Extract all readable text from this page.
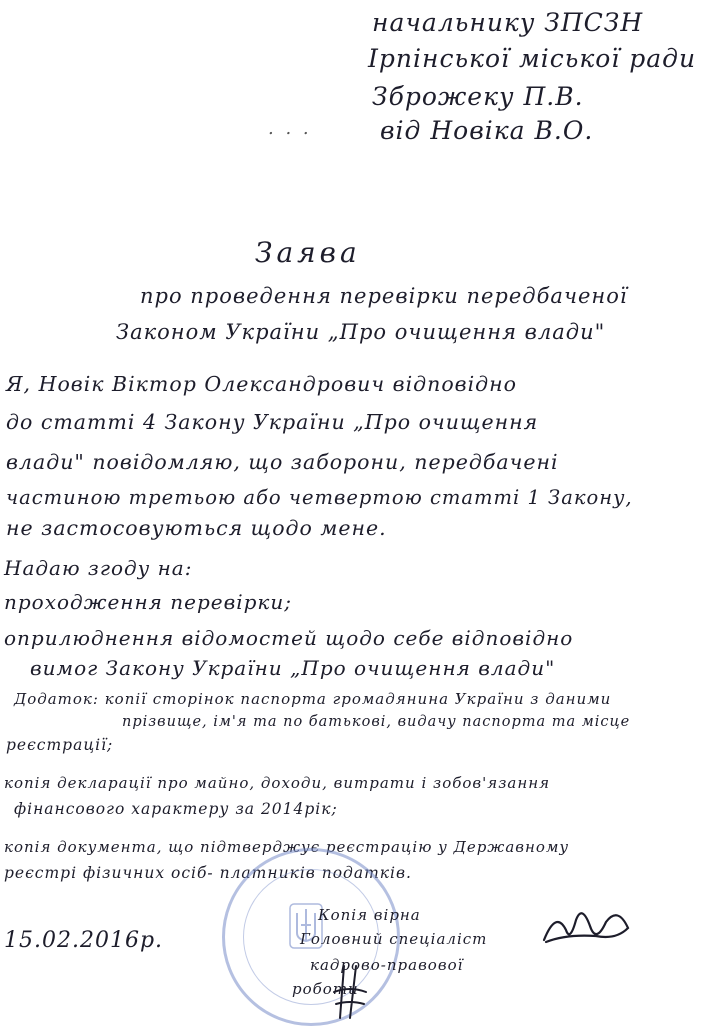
начальнику ЗПСЗН
Ірпінської міської ради
Зброжеку П.В.
від Новіка В.О.
. . .
Заява
про проведення перевірки передбаченої
Законом України „Про очищення влади"
Я, Новік Віктор Олександрович відповідно
до статті 4 Закону України „Про очищення
влади" повідомляю, що заборони, передбачені
частиною третьою або четвертою статті 1 Закону,
не застосовуються щодо мене.
Надаю згоду на:
проходження перевірки;
оприлюднення відомостей щодо себе відповідно
вимог Закону України „Про очищення влади"
Додаток: копії сторінок паспорта громадянина України з даними
прізвище, ім'я та по батькові, видачу паспорта та місце
реєстрації;
копія декларації про майно, доходи, витрати і зобов'язання
фінансового характеру за 2014рік;
копія документа, що підтверджує реєстрацію у Державному
реєстрі фізичних осіб- платників податків.
15.02.2016р.
Копія вірна
Головний спеціаліст
кадрово-правової
роботи
